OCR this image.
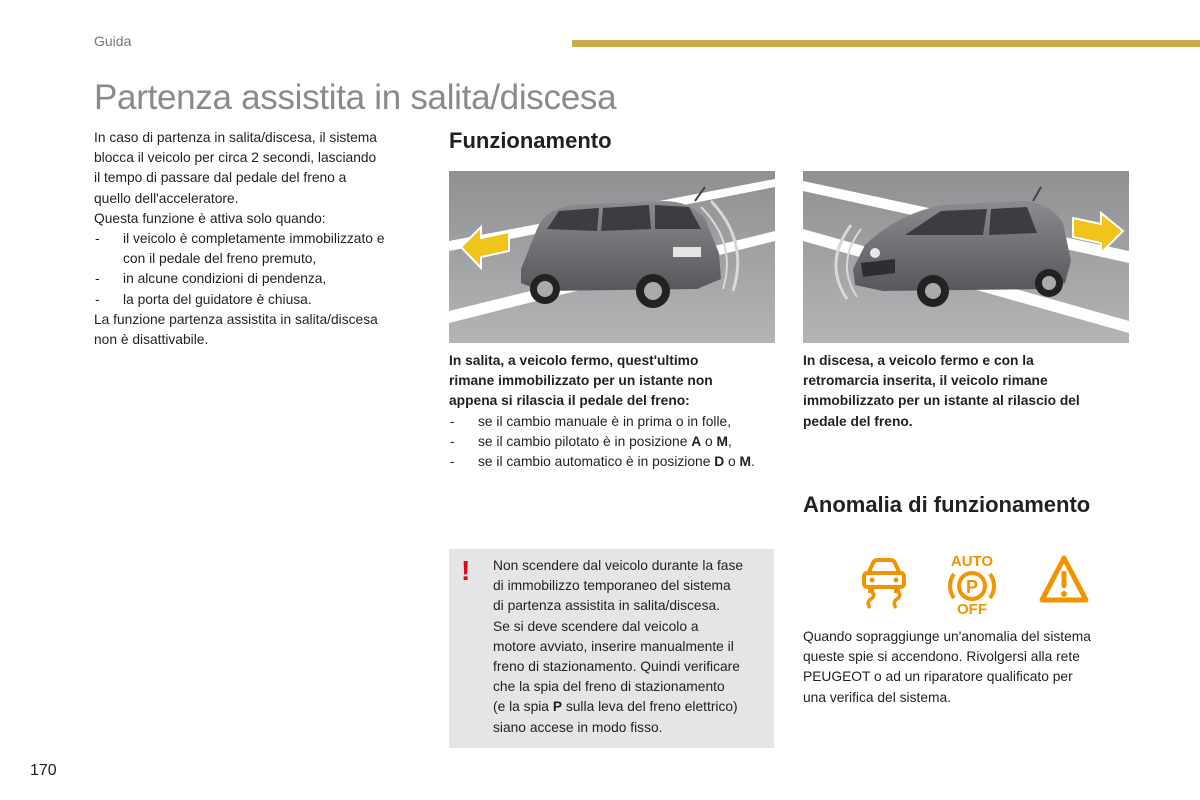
Guida
Partenza assistita in salita/discesa

In caso di partenza in salita/discesa, il sistema

blocca il veicolo per circa 2 secondi, lasciando

il tempo di passare dal pedale del freno a

quello dell'acceleratore.

Questa funzione è attiva solo quando:

- il veicolo è completamente immobilizzato e
con il pedale del freno premuto,
- in alcune condizioni di pendenza,
- la porta del guidatore è chiusa.

La funzione partenza assistita in salita/discesa

non è disattivabile.

Funzionamento

In salita, a veicolo fermo, quest'ultimo

rimane immobilizzato per un istante non

appena si rilascia il pedale del freno:

- se il cambio manuale è in prima o in folle,
- se il cambio pilotato è in posizione A o M,
- se il cambio automatico è in posizione D o M.

In discesa, a veicolo fermo e con la

retromarcia inserita, il veicolo rimane

immobilizzato per un istante al rilascio del

pedale del freno.

! Non scendere dal veicolo durante la fase

di immobilizzo temporaneo del sistema

di partenza assistita in salita/discesa.

Se si deve scendere dal veicolo a

motore avviato, inserire manualmente il

freno di stazionamento. Quindi verificare

che la spia del freno di stazionamento

(e la spia P sulla leva del freno elettrico)

siano accese in modo fisso.

Anomalia di funzionamento
AUTO
P
OFF

Quando sopraggiunge un'anomalia del sistema

queste spie si accendono. Rivolgersi alla rete

PEUGEOT o ad un riparatore qualificato per

una verifica del sistema.

170
